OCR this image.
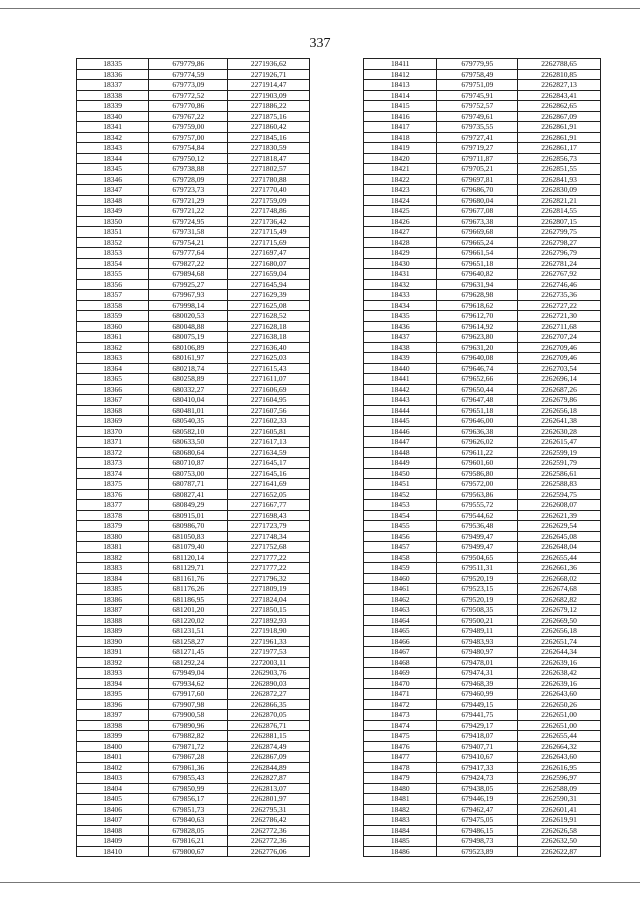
337
18335	679779,86	2271936,62
18336	679774,59	2271926,71
18337	679773,09	2271914,47
18338	679772,52	2271903,09
18339	679770,86	2271886,22
18340	679767,22	2271875,16
18341	679759,00	2271860,42
18342	679757,00	2271845,16
18343	679754,84	2271830,59
18344	679750,12	2271818,47
18345	679738,88	2271802,57
18346	679728,09	2271780,88
18347	679723,73	2271770,40
18348	679721,29	2271759,09
18349	679721,22	2271748,86
18350	679724,95	2271736,42
18351	679731,58	2271715,49
18352	679754,21	2271715,69
18353	679777,64	2271697,47
18354	679827,22	2271680,07
18355	679894,68	2271659,04
18356	679925,27	2271645,94
18357	679967,93	2271629,39
18358	679998,14	2271625,08
18359	680020,53	2271628,52
18360	680048,88	2271628,18
18361	680075,19	2271638,18
18362	680106,89	2271636,40
18363	680161,97	2271625,03
18364	680218,74	2271615,43
18365	680258,89	2271611,07
18366	680332,27	2271606,69
18367	680410,04	2271604,95
18368	680481,01	2271607,56
18369	680540,35	2271602,33
18370	680582,10	2271605,81
18371	680633,50	2271617,13
18372	680680,64	2271634,59
18373	680710,87	2271645,17
18374	680753,00	2271645,16
18375	680787,71	2271641,69
18376	680827,41	2271652,05
18377	680849,29	2271667,77
18378	680915,01	2271698,43
18379	680986,70	2271723,79
18380	681050,83	2271748,34
18381	681079,40	2271752,68
18382	681120,14	2271777,22
18383	681129,71	2271777,22
18384	681161,76	2271796,32
18385	681176,26	2271809,19
18386	681186,95	2271824,04
18387	681201,20	2271850,15
18388	681220,02	2271892,93
18389	681231,51	2271918,90
18390	681258,27	2271961,33
18391	681271,45	2271977,53
18392	681292,24	2272003,11
18393	679949,04	2262903,76
18394	679934,62	2262890,03
18395	679917,60	2262872,27
18396	679907,98	2262866,35
18397	679900,58	2262870,05
18398	679890,96	2262876,71
18399	679882,82	2262881,15
18400	679871,72	2262874,49
18401	679867,28	2262867,09
18402	679861,36	2262844,89
18403	679855,43	2262827,87
18404	679850,99	2262813,07
18405	679856,17	2262801,97
18406	679851,73	2262795,31
18407	679840,63	2262786,42
18408	679828,05	2262772,36
18409	679816,21	2262772,36
18410	679800,67	2262776,06
18411	679779,95	2262788,65
18412	679758,49	2262810,85
18413	679751,09	2262827,13
18414	679745,91	2262843,41
18415	679752,57	2262862,65
18416	679749,61	2262867,09
18417	679735,55	2262861,91
18418	679727,41	2262861,91
18419	679719,27	2262861,17
18420	679711,87	2262856,73
18421	679705,21	2262851,55
18422	679697,81	2262841,93
18423	679686,70	2262830,09
18424	679680,04	2262821,21
18425	679677,08	2262814,55
18426	679673,38	2262807,15
18427	679669,68	2262799,75
18428	679665,24	2262798,27
18429	679661,54	2262796,79
18430	679651,18	2262781,24
18431	679640,82	2262767,92
18432	679631,94	2262746,46
18433	679628,98	2262735,36
18434	679618,62	2262727,22
18435	679612,70	2262721,30
18436	679614,92	2262711,68
18437	679623,80	2262707,24
18438	679631,20	2262709,46
18439	679640,08	2262709,46
18440	679646,74	2262703,54
18441	679652,66	2262696,14
18442	679650,44	2262687,26
18443	679647,48	2262679,86
18444	679651,18	2262656,18
18445	679646,00	2262641,38
18446	679636,38	2262630,28
18447	679626,02	2262615,47
18448	679611,22	2262599,19
18449	679601,60	2262591,79
18450	679586,80	2262586,61
18451	679572,00	2262588,83
18452	679563,86	2262594,75
18453	679555,72	2262608,07
18454	679544,62	2262621,39
18455	679536,48	2262629,54
18456	679499,47	2262645,08
18457	679499,47	2262648,04
18458	679504,65	2262655,44
18459	679511,31	2262661,36
18460	679520,19	2262668,02
18461	679523,15	2262674,68
18462	679520,19	2262682,82
18463	679508,35	2262679,12
18464	679500,21	2262669,50
18465	679489,11	2262656,18
18466	679483,93	2262651,74
18467	679480,97	2262644,34
18468	679478,01	2262639,16
18469	679474,31	2262638,42
18470	679468,39	2262639,16
18471	679460,99	2262643,60
18472	679449,15	2262650,26
18473	679441,75	2262651,00
18474	679429,17	2262651,00
18475	679418,07	2262655,44
18476	679407,71	2262664,32
18477	679410,67	2262643,60
18478	679417,33	2262616,95
18479	679424,73	2262596,97
18480	679438,05	2262588,09
18481	679446,19	2262590,31
18482	679462,47	2262601,41
18483	679475,05	2262619,91
18484	679486,15	2262626,58
18485	679498,73	2262632,50
18486	679523,89	2262622,87
